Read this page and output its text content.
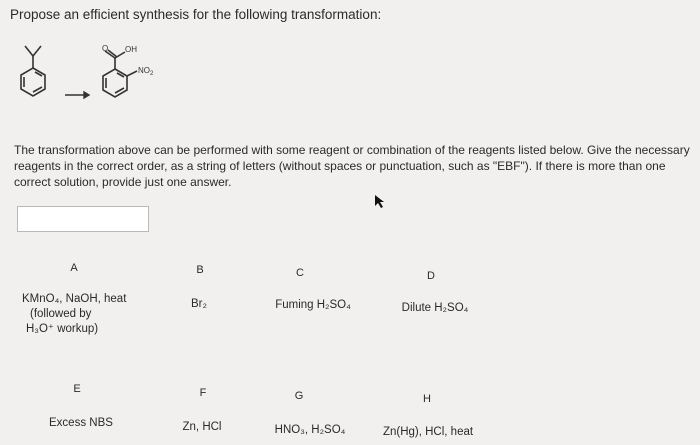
Propose an efficient synthesis for the following transformation:
O OH
$NO_2$
The transformation above can be performed with some reagent or combination of the reagents listed below. Give the necessary reagents in the correct order, as a string of letters (without spaces or punctuation, such as "EBF"). If there is more than one correct solution, provide just one answer.
A
KMnO₄, NaOH, heat
(followed by
H₃O⁺ workup)
B
Br₂
C
Fuming H₂SO₄
D
Dilute H₂SO₄
E
Excess NBS
F
Zn, HCl
G
HNO₃, H₂SO₄
H
Zn(Hg), HCl, heat
